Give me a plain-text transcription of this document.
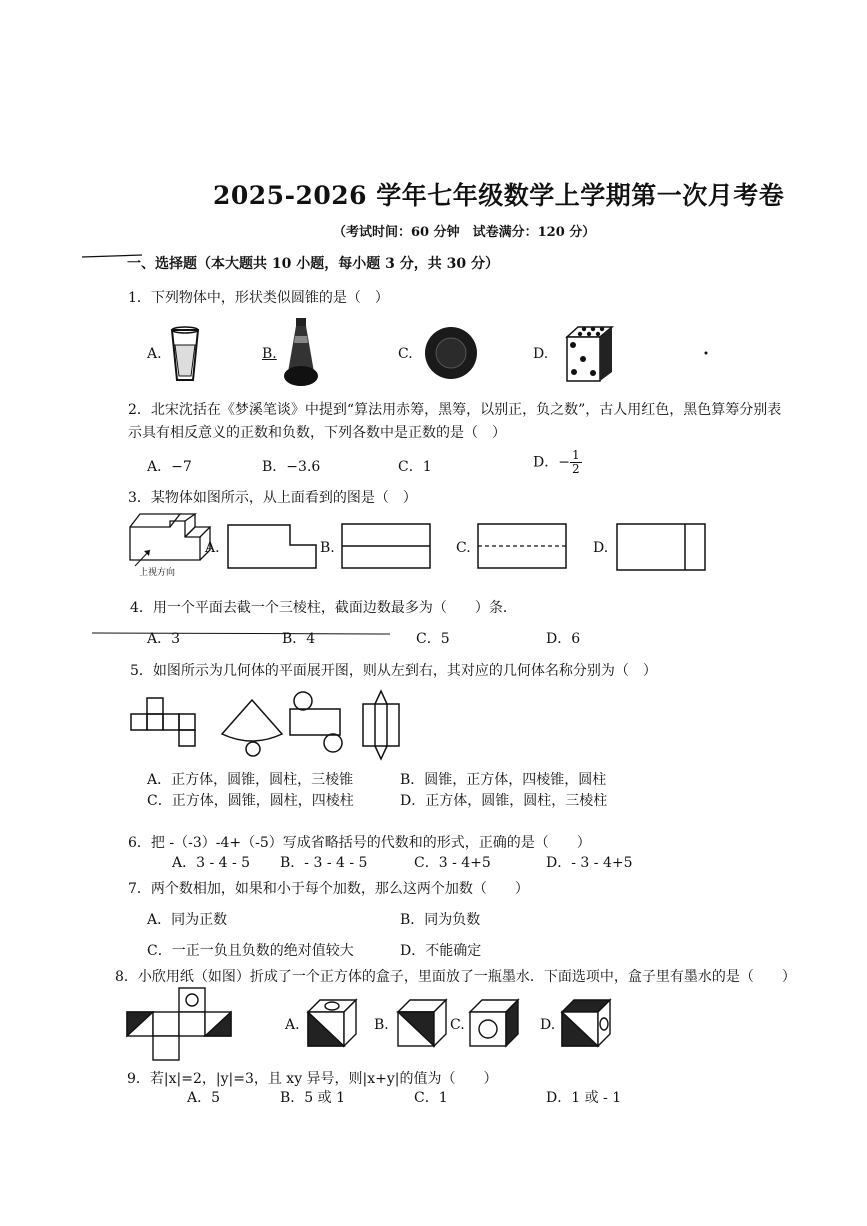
2025-2026 学年七年级数学上学期第一次月考卷
（考试时间：60 分钟　试卷满分：120 分）
一、选择题（本大题共 10 小题，每小题 3 分，共 30 分）
1．下列物体中，形状类似圆锥的是（　）
A.	B.	C.	D.
2．北宋沈括在《梦溪笔谈》中提到“算法用赤筹，黑筹，以别正，负之数”，古人用红色，黑色算筹分别表
示具有相反意义的正数和负数，下列各数中是正数的是（　）
A．−7	B．−3.6	C．1	D．− $\frac{1}{2}$
3．某物体如图所示，从上面看到的图是（　）
上视方向
A.	B.	C.	D.
4．用一个平面去截一个三棱柱，截面边数最多为（　　）条．
A．3	B．4	C．5	D．6
5．如图所示为几何体的平面展开图，则从左到右，其对应的几何体名称分别为（　）
A．正方体，圆锥，圆柱，三棱锥	B．圆锥，正方体，四棱锥，圆柱
C．正方体，圆锥，圆柱，四棱柱	D．正方体，圆锥，圆柱，三棱柱
6．把 -（-3）-4+（-5）写成省略括号的代数和的形式，正确的是（　　）
A．3 - 4 - 5 B．- 3 - 4 - 5	C．3 - 4+5	D．- 3 - 4+5
7．两个数相加，如果和小于每个加数，那么这两个加数（　　）
A．同为正数	B．同为负数
C．一正一负且负数的绝对值较大	D．不能确定
8．小欣用纸（如图）折成了一个正方体的盒子，里面放了一瓶墨水．下面选项中，盒子里有墨水的是（　　）
A.	B.	C.	D.
9．若|x|=2，|y|=3，且 xy 异号，则|x+y|的值为（　　）
A．5	B．5 或 1	C．1	D．1 或 - 1
